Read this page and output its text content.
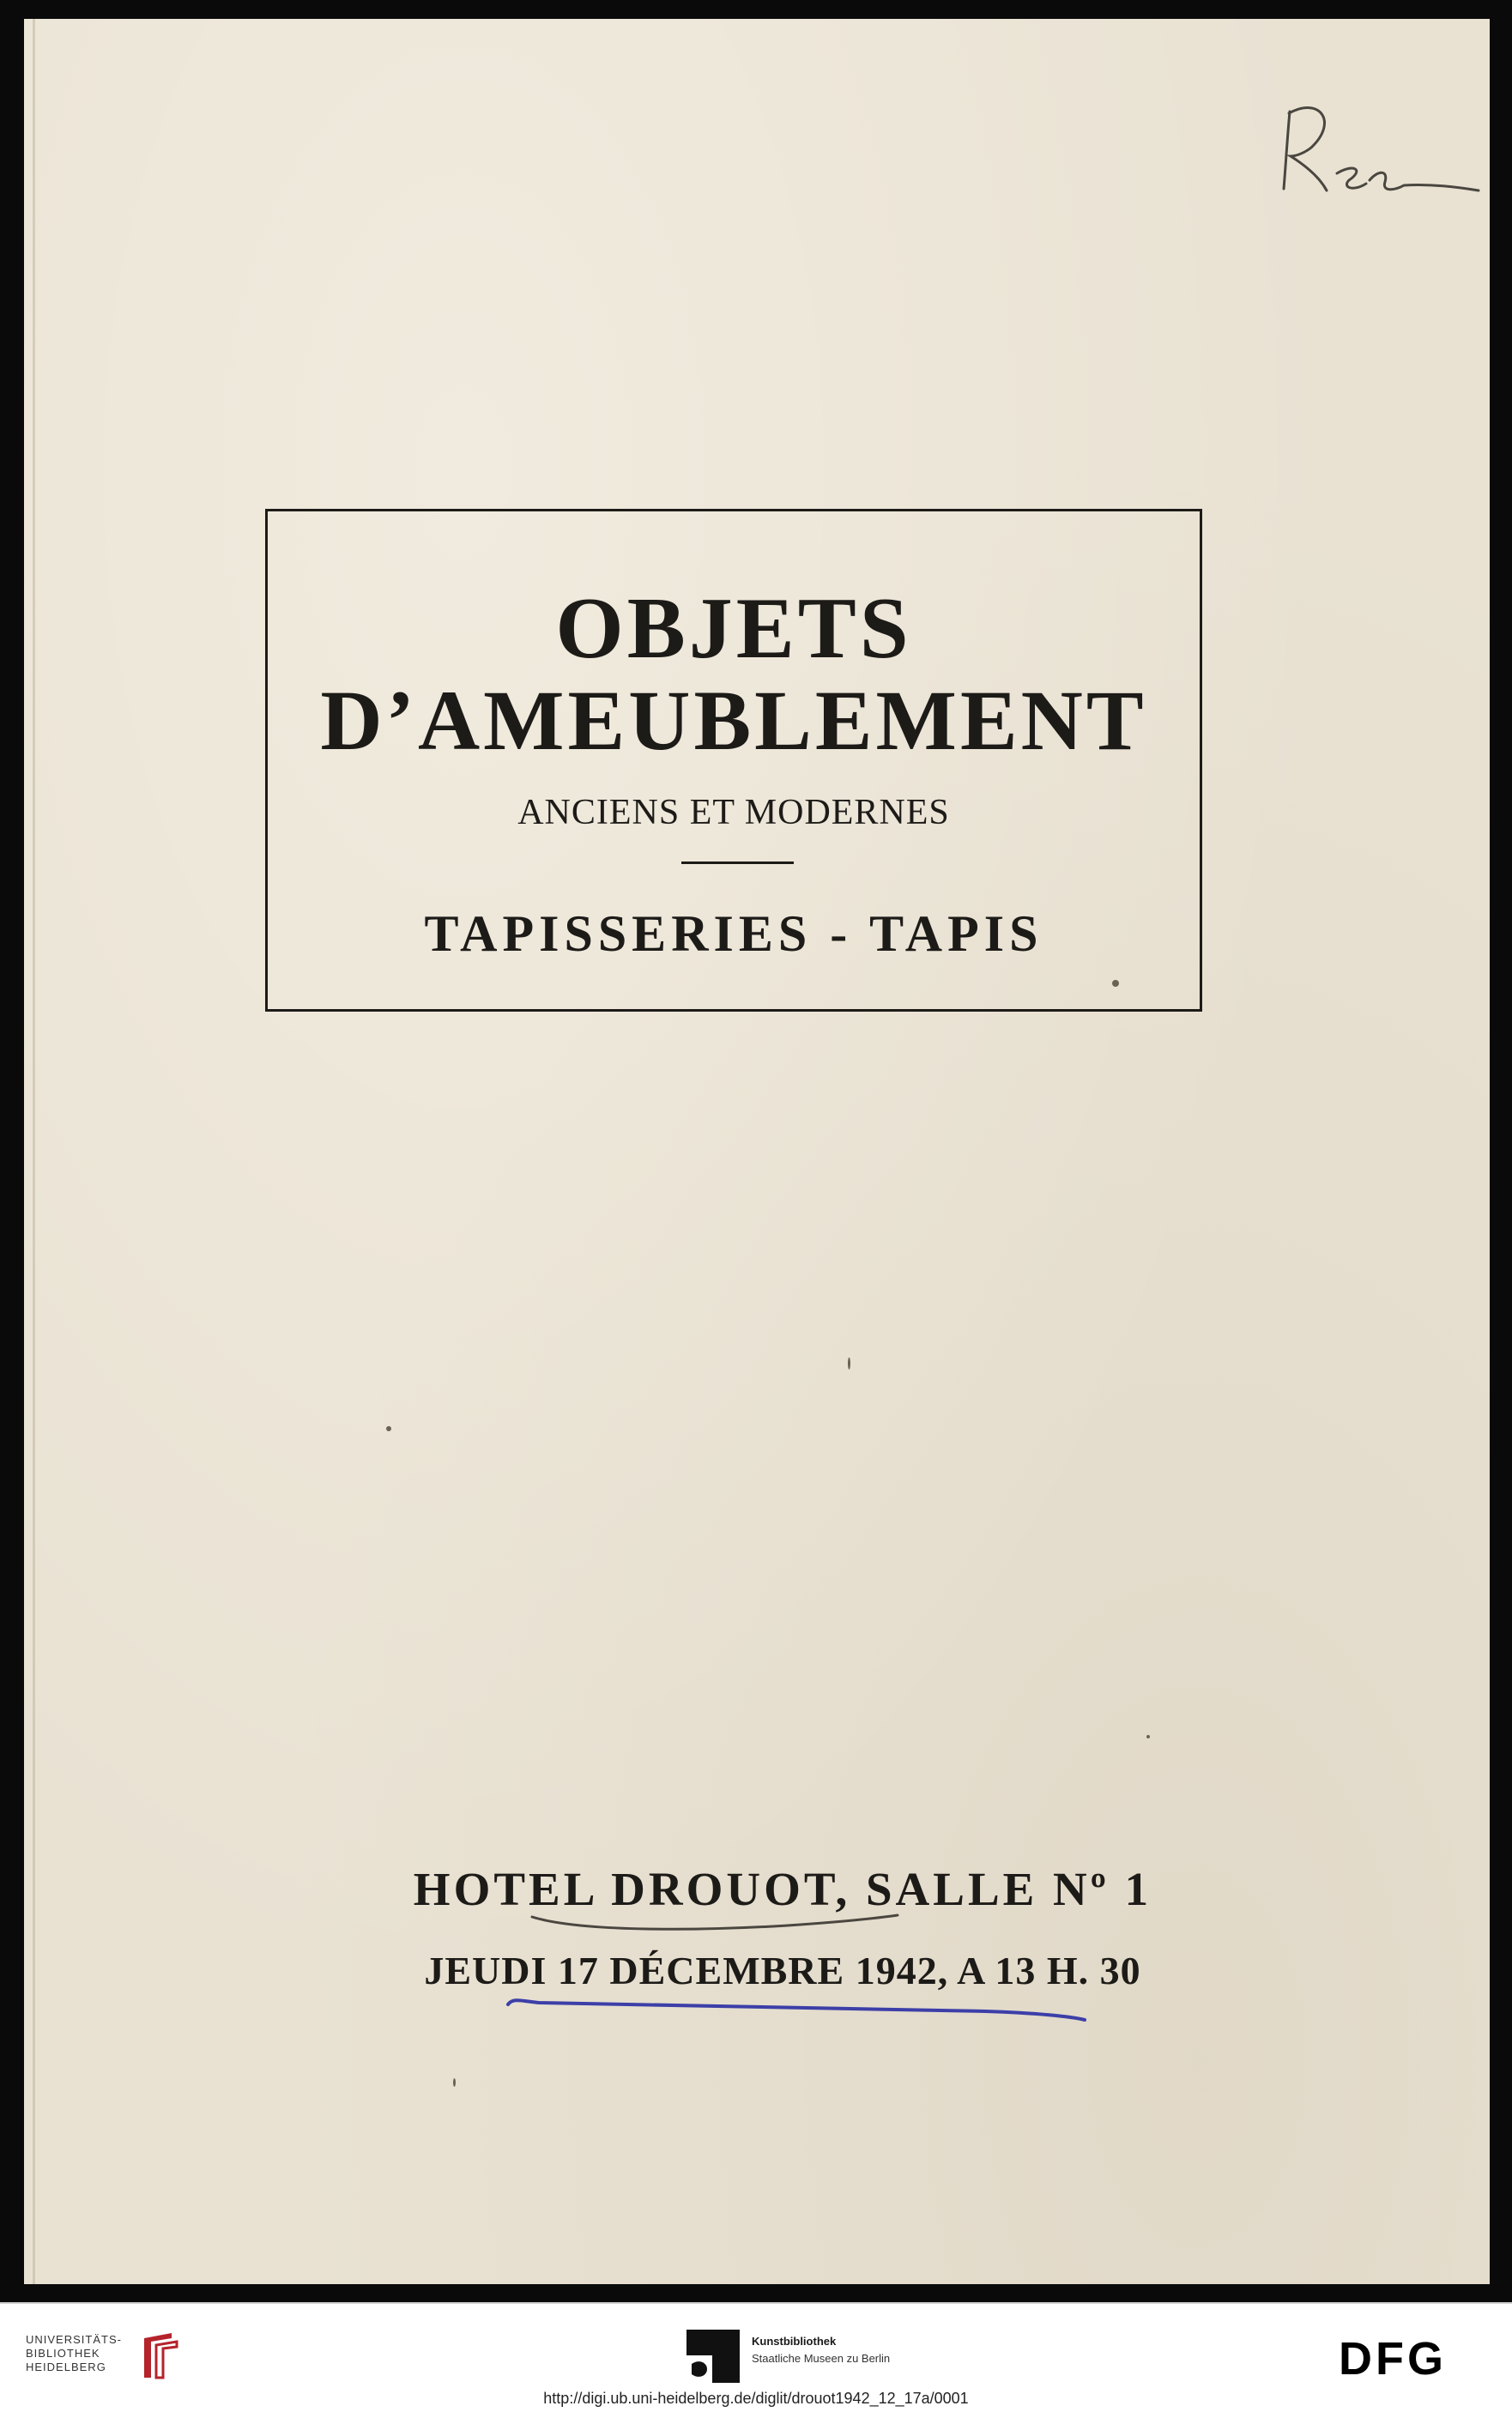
OBJETS
D’AMEUBLEMENT
ANCIENS ET MODERNES
TAPISSERIES - TAPIS
HOTEL DROUOT, SALLE Nº 1
JEUDI 17 DÉCEMBRE 1942, A 13 H. 30
UNIVERSITÄTS-
BIBLIOTHEK
HEIDELBERG
Kunstbibliothek
Staatliche Museen zu Berlin	DFG
http://digi.ub.uni-heidelberg.de/diglit/drouot1942_12_17a/0001
